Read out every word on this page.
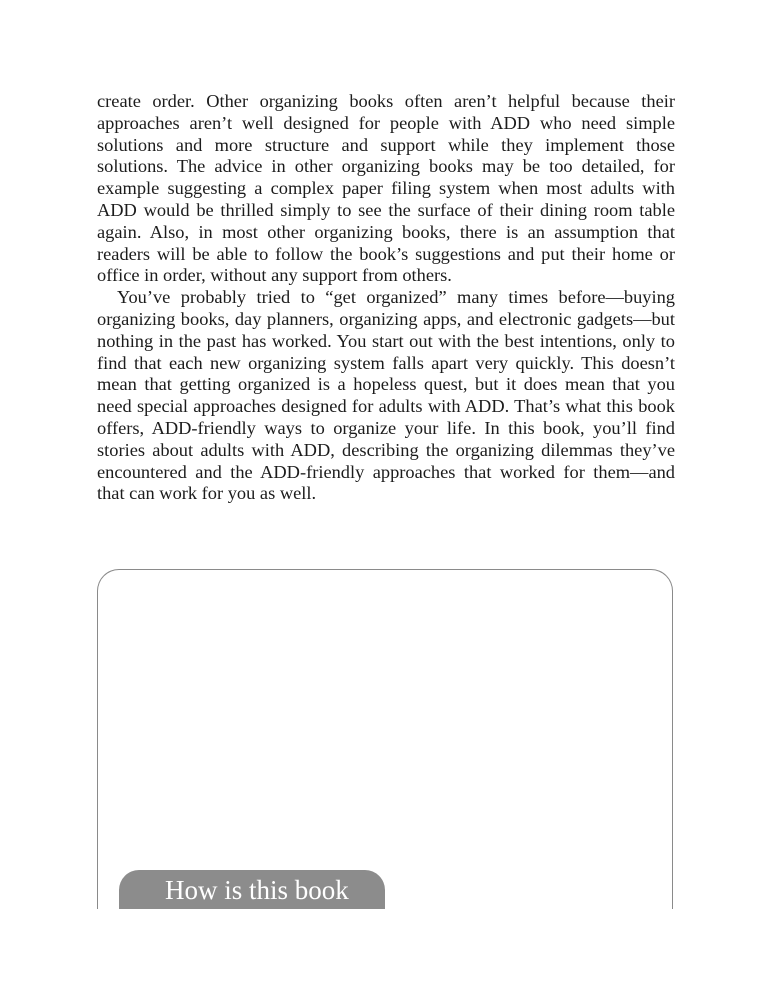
create order. Other organizing books often aren’t helpful because their approaches aren’t well designed for people with ADD who need simple solutions and more structure and support while they implement those solutions. The advice in other organizing books may be too detailed, for example suggesting a complex paper filing system when most adults with ADD would be thrilled simply to see the surface of their dining room table again. Also, in most other organizing books, there is an assumption that readers will be able to follow the book’s suggestions and put their home or office in order, without any support from others.

You’ve probably tried to “get organized” many times before—buying organizing books, day planners, organizing apps, and electronic gadgets—but nothing in the past has worked. You start out with the best intentions, only to find that each new organizing system falls apart very quickly. This doesn’t mean that getting organized is a hopeless quest, but it does mean that you need special approaches designed for adults with ADD. That’s what this book offers, ADD-friendly ways to organize your life. In this book, you’ll find stories about adults with ADD, describing the organizing dilemmas they’ve encountered and the ADD-friendly approaches that worked for them—and that can work for you as well.

How is this book
